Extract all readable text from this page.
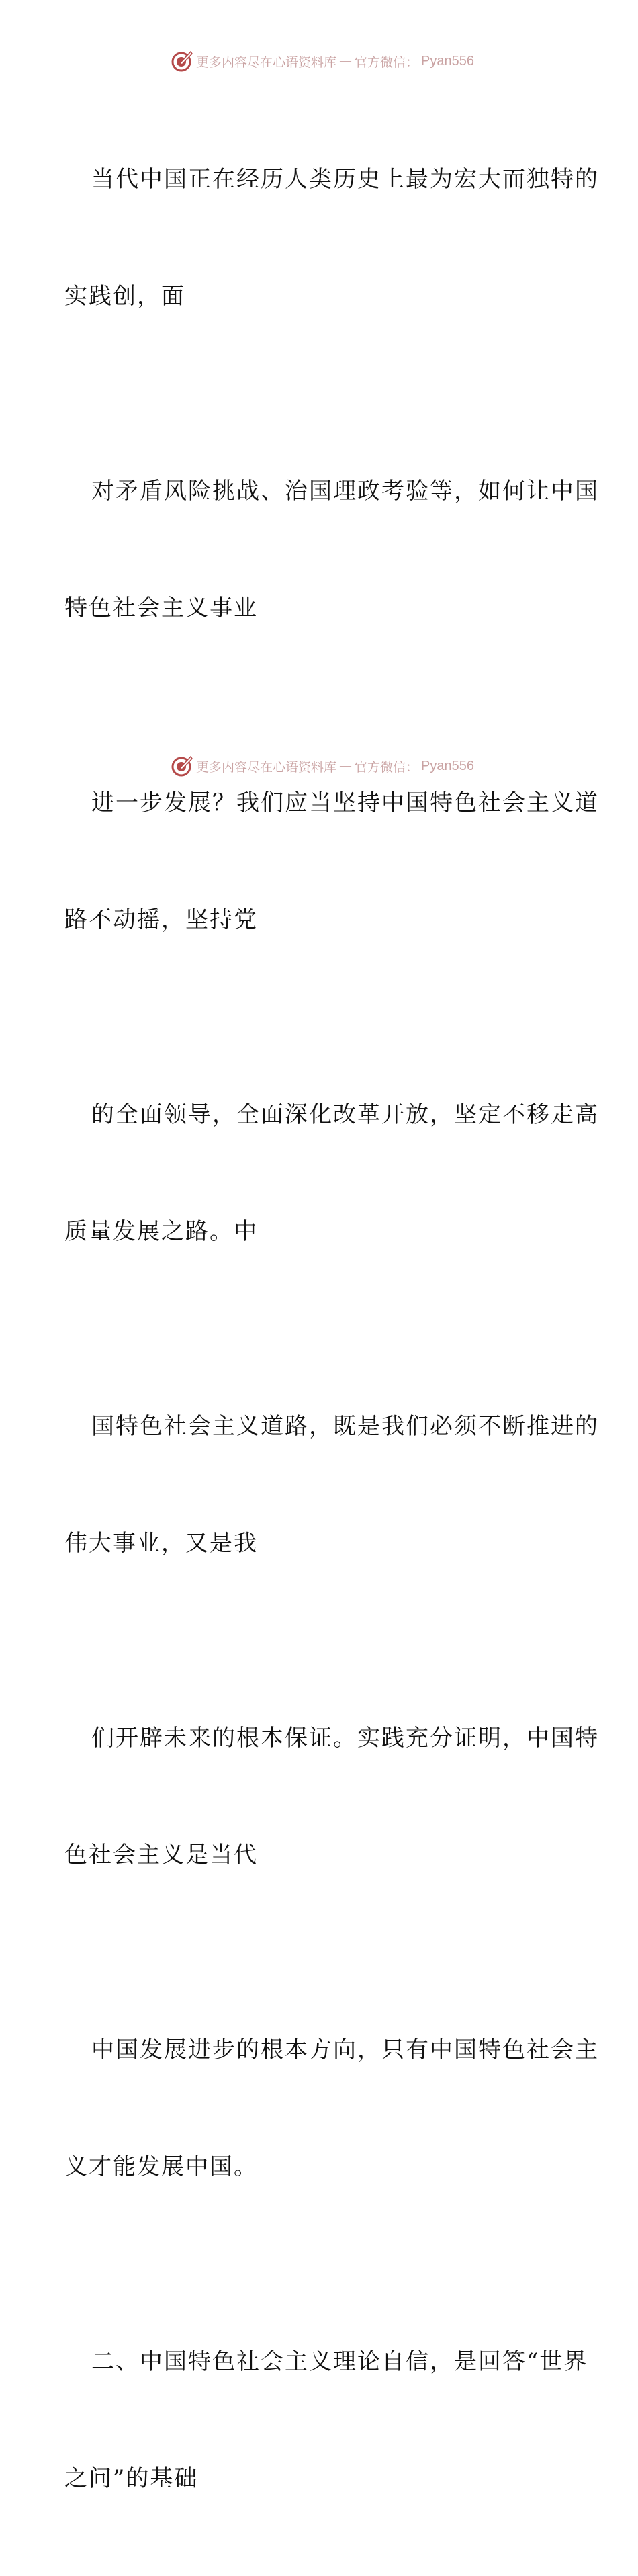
更多内容尽在心语资料库 — 官方微信： Pyan556

当代中国正在经历人类历史上最为宏大而独特的

实践创，面

对矛盾风险挑战、治国理政考验等，如何让中国

特色社会主义事业

进一步发展？我们应当坚持中国特色社会主义道

路不动摇，坚持党

的全面领导，全面深化改革开放，坚定不移走高

质量发展之路。中

国特色社会主义道路，既是我们必须不断推进的

伟大事业，又是我

们开辟未来的根本保证。实践充分证明，中国特

色社会主义是当代

中国发展进步的根本方向，只有中国特色社会主

义才能发展中国。

二、中国特色社会主义理论自信，是回答“世界

之问”的基础

更多内容尽在心语资料库 — 官方微信： Pyan556
